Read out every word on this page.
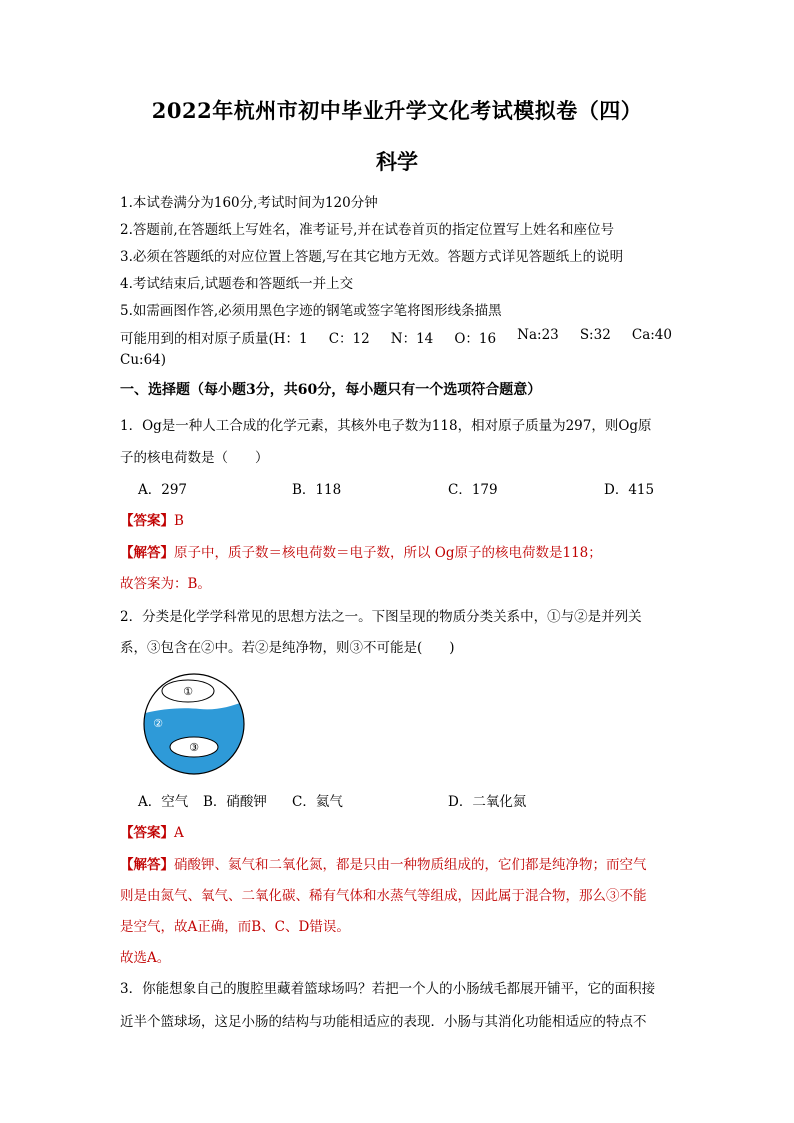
2022年杭州市初中毕业升学文化考试模拟卷（四）
科学
1.本试卷满分为160分,考试时间为120分钟
2.答题前,在答题纸上写姓名，准考证号,并在试卷首页的指定位置写上姓名和座位号
3.必须在答题纸的对应位置上答题,写在其它地方无效。答题方式详见答题纸上的说明
4.考试结束后,试题卷和答题纸一并上交
5.如需画图作答,必须用黑色字迹的钢笔或签字笔将图形线条描黑
可能用到的相对原子质量(H：1 C：12 N：14 O：16 Na:23 S:32 Ca:40
Cu:64)
一、选择题（每小题3分，共60分，每小题只有一个选项符合题意）
1．Og是一种人工合成的化学元素，其核外电子数为118，相对原子质量为297，则Og原
子的核电荷数是（　　）
A．297	B．118	C．179	D．415
【答案】B
【解答】原子中，质子数＝核电荷数＝电子数，所以 Og原子的核电荷数是118；
故答案为：B。
2．分类是化学学科常见的思想方法之一。下图呈现的物质分类关系中，①与②是并列关
系，③包含在②中。若②是纯净物，则③不可能是(　　)
①
②
③
A．空气 B．硝酸钾 C．氦气	D．二氧化氮
【答案】A
【解答】硝酸钾、氦气和二氧化氮，都是只由一种物质组成的，它们都是纯净物；而空气
则是由氮气、氧气、二氧化碳、稀有气体和水蒸气等组成，因此属于混合物，那么③不能
是空气，故A正确，而B、C、D错误。
故选A。
3．你能想象自己的腹腔里藏着篮球场吗？若把一个人的小肠绒毛都展开铺平，它的面积接
近半个篮球场，这足小肠的结构与功能相适应的表现．小肠与其消化功能相适应的特点不
